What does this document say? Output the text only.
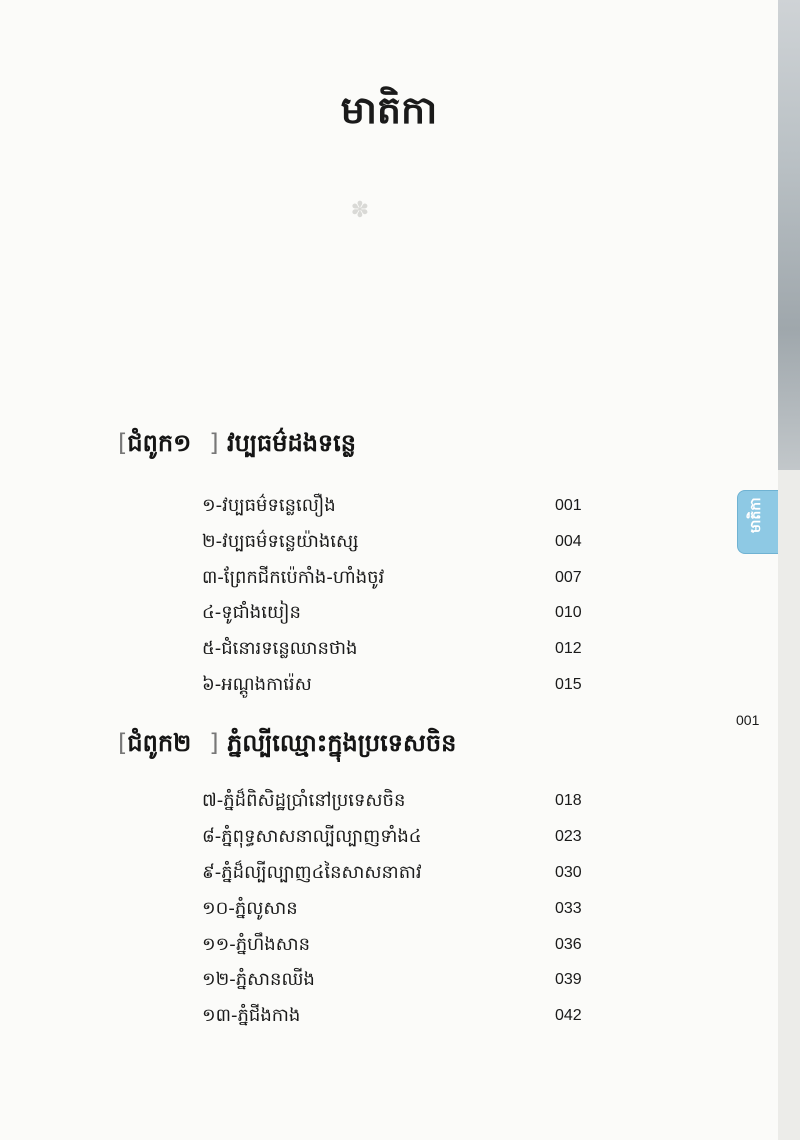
មាតិកា
✽
[ជំពូក១ ] វប្បធម៌ដងទន្លេ
១-វប្បធម៌ទន្លេលឿង	001
២-វប្បធម៌ទន្លេយ៉ាងសេ្ស	004
៣-ព្រែកជីកប៉េកាំង-ហាំងចូវ	007
៤-ទូជាំងយៀន	010
៥-ជំនោរទន្លេឈានថាង	012
៦-អណ្ដូងការ៉េស	015
[ជំពូក២ ] ភ្នំល្បីឈ្មោះក្នុងប្រទេសចិន
៧-ភ្នំដ៏ពិសិដ្ឋប្រាំនៅប្រទេសចិន	018
៨-ភ្នំពុទ្ធសាសនាល្បីល្បាញទាំង៤	023
៩-ភ្នំដ៏ល្បីល្បាញ៤នៃសាសនាតាវ	030
១០-ភ្នំលូសាន	033
១១-ភ្នំហឹងសាន	036
១២-ភ្នំសានឈីង	039
១៣-ភ្នំជីងកាង	042
មាតិកា
001
